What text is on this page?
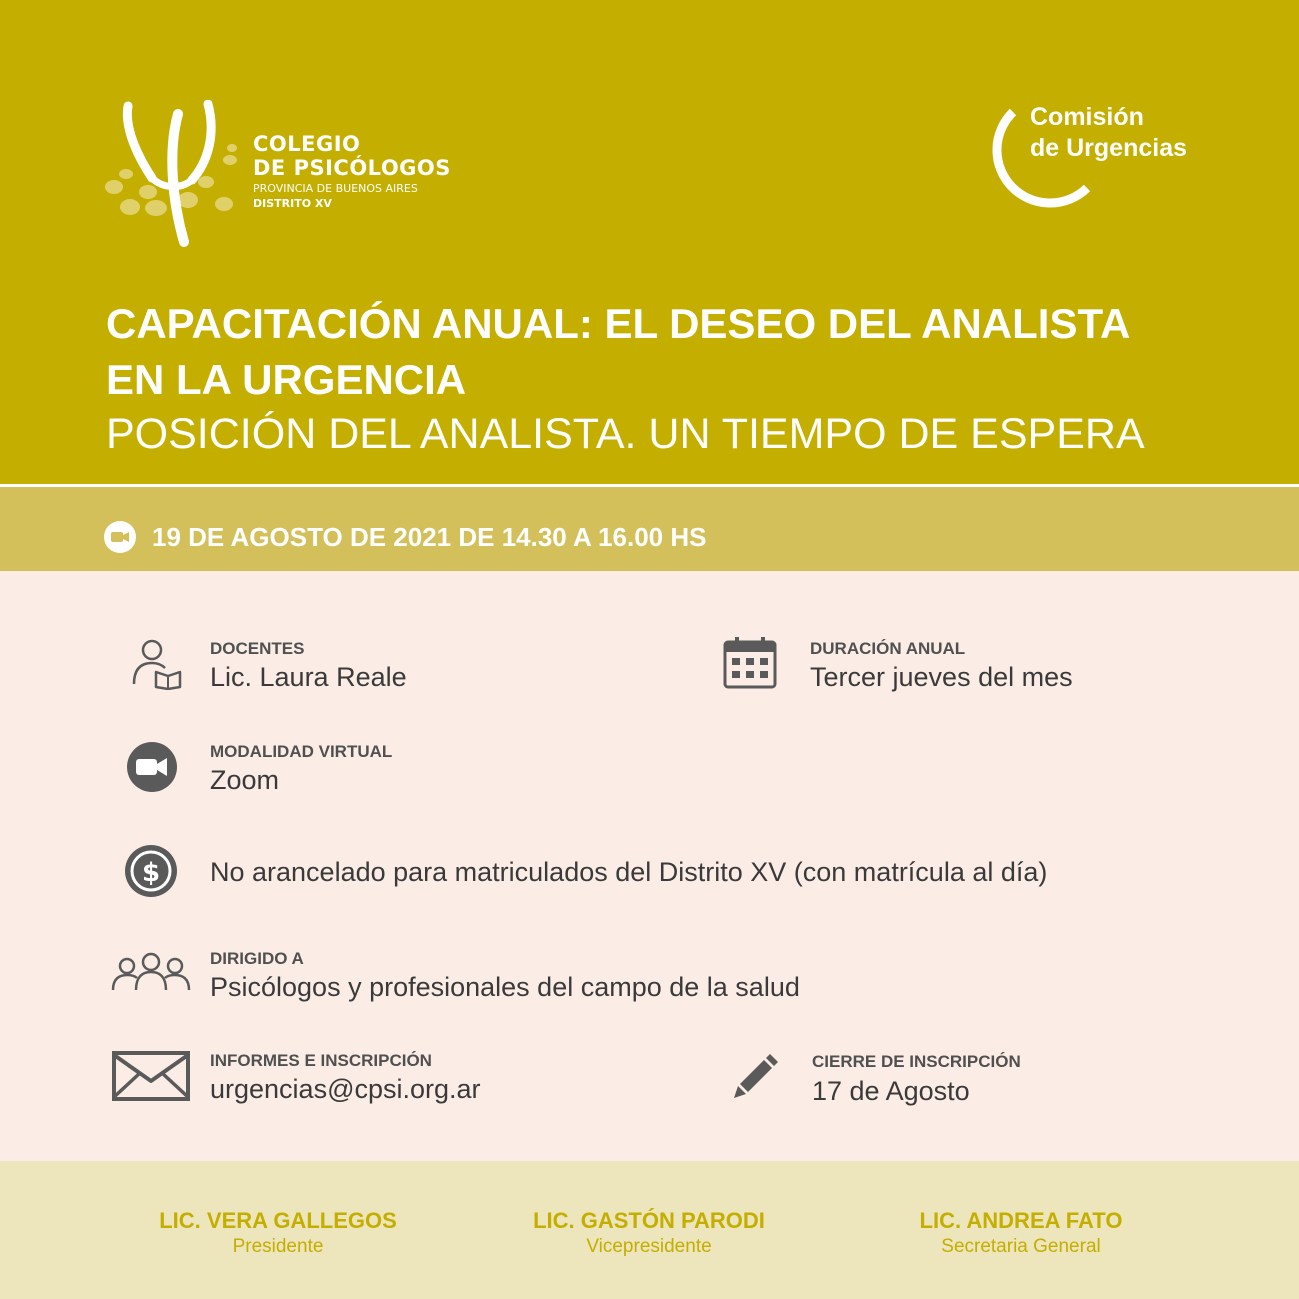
COLEGIO
DE PSICÓLOGOS
PROVINCIA DE BUENOS AIRES
DISTRITO XV
Comisión
de Urgencias
CAPACITACIÓN ANUAL: EL DESEO DEL ANALISTA
EN LA URGENCIA
POSICIÓN DEL ANALISTA. UN TIEMPO DE ESPERA
19 DE AGOSTO DE 2021 DE 14.30 A 16.00 HS
DOCENTES
Lic. Laura Reale
DURACIÓN ANUAL
Tercer jueves del mes
MODALIDAD VIRTUAL
Zoom
$ No arancelado para matriculados del Distrito XV (con matrícula al día)
DIRIGIDO A
Psicólogos y profesionales del campo de la salud
INFORMES E INSCRIPCIÓN
urgencias@cpsi.org.ar
CIERRE DE INSCRIPCIÓN
17 de Agosto
LIC. VERA GALLEGOS
Presidente
LIC. GASTÓN PARODI
Vicepresidente
LIC. ANDREA FATO
Secretaria General
